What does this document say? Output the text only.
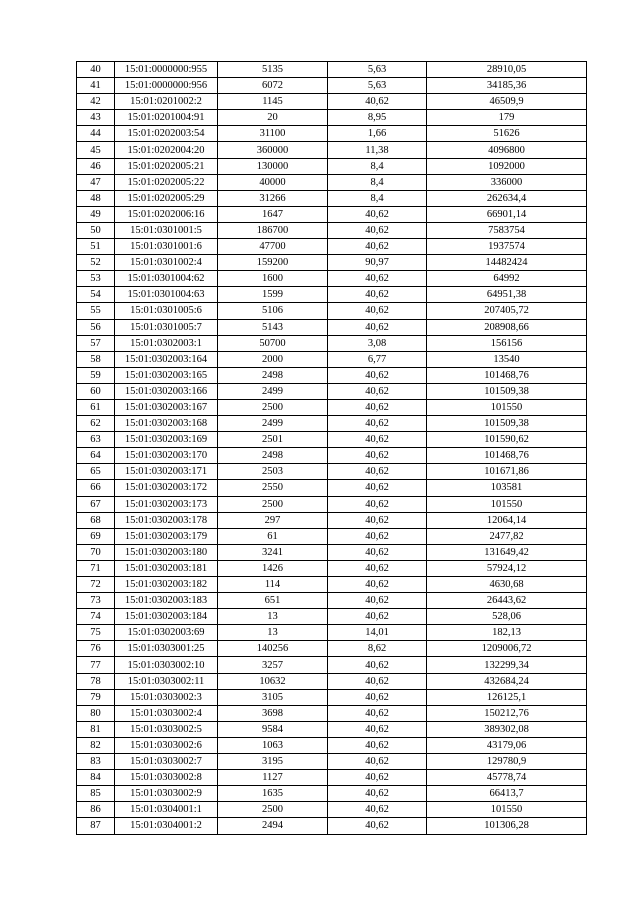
40	15:01:0000000:955	5135	5,63	28910,05
41	15:01:0000000:956	6072	5,63	34185,36
42	15:01:0201002:2	1145	40,62	46509,9
43	15:01:0201004:91	20	8,95	179
44	15:01:0202003:54	31100	1,66	51626
45	15:01:0202004:20	360000	11,38	4096800
46	15:01:0202005:21	130000	8,4	1092000
47	15:01:0202005:22	40000	8,4	336000
48	15:01:0202005:29	31266	8,4	262634,4
49	15:01:0202006:16	1647	40,62	66901,14
50	15:01:0301001:5	186700	40,62	7583754
51	15:01:0301001:6	47700	40,62	1937574
52	15:01:0301002:4	159200	90,97	14482424
53	15:01:0301004:62	1600	40,62	64992
54	15:01:0301004:63	1599	40,62	64951,38
55	15:01:0301005:6	5106	40,62	207405,72
56	15:01:0301005:7	5143	40,62	208908,66
57	15:01:0302003:1	50700	3,08	156156
58	15:01:0302003:164	2000	6,77	13540
59	15:01:0302003:165	2498	40,62	101468,76
60	15:01:0302003:166	2499	40,62	101509,38
61	15:01:0302003:167	2500	40,62	101550
62	15:01:0302003:168	2499	40,62	101509,38
63	15:01:0302003:169	2501	40,62	101590,62
64	15:01:0302003:170	2498	40,62	101468,76
65	15:01:0302003:171	2503	40,62	101671,86
66	15:01:0302003:172	2550	40,62	103581
67	15:01:0302003:173	2500	40,62	101550
68	15:01:0302003:178	297	40,62	12064,14
69	15:01:0302003:179	61	40,62	2477,82
70	15:01:0302003:180	3241	40,62	131649,42
71	15:01:0302003:181	1426	40,62	57924,12
72	15:01:0302003:182	114	40,62	4630,68
73	15:01:0302003:183	651	40,62	26443,62
74	15:01:0302003:184	13	40,62	528,06
75	15:01:0302003:69	13	14,01	182,13
76	15:01:0303001:25	140256	8,62	1209006,72
77	15:01:0303002:10	3257	40,62	132299,34
78	15:01:0303002:11	10632	40,62	432684,24
79	15:01:0303002:3	3105	40,62	126125,1
80	15:01:0303002:4	3698	40,62	150212,76
81	15:01:0303002:5	9584	40,62	389302,08
82	15:01:0303002:6	1063	40,62	43179,06
83	15:01:0303002:7	3195	40,62	129780,9
84	15:01:0303002:8	1127	40,62	45778,74
85	15:01:0303002:9	1635	40,62	66413,7
86	15:01:0304001:1	2500	40,62	101550
87	15:01:0304001:2	2494	40,62	101306,28
